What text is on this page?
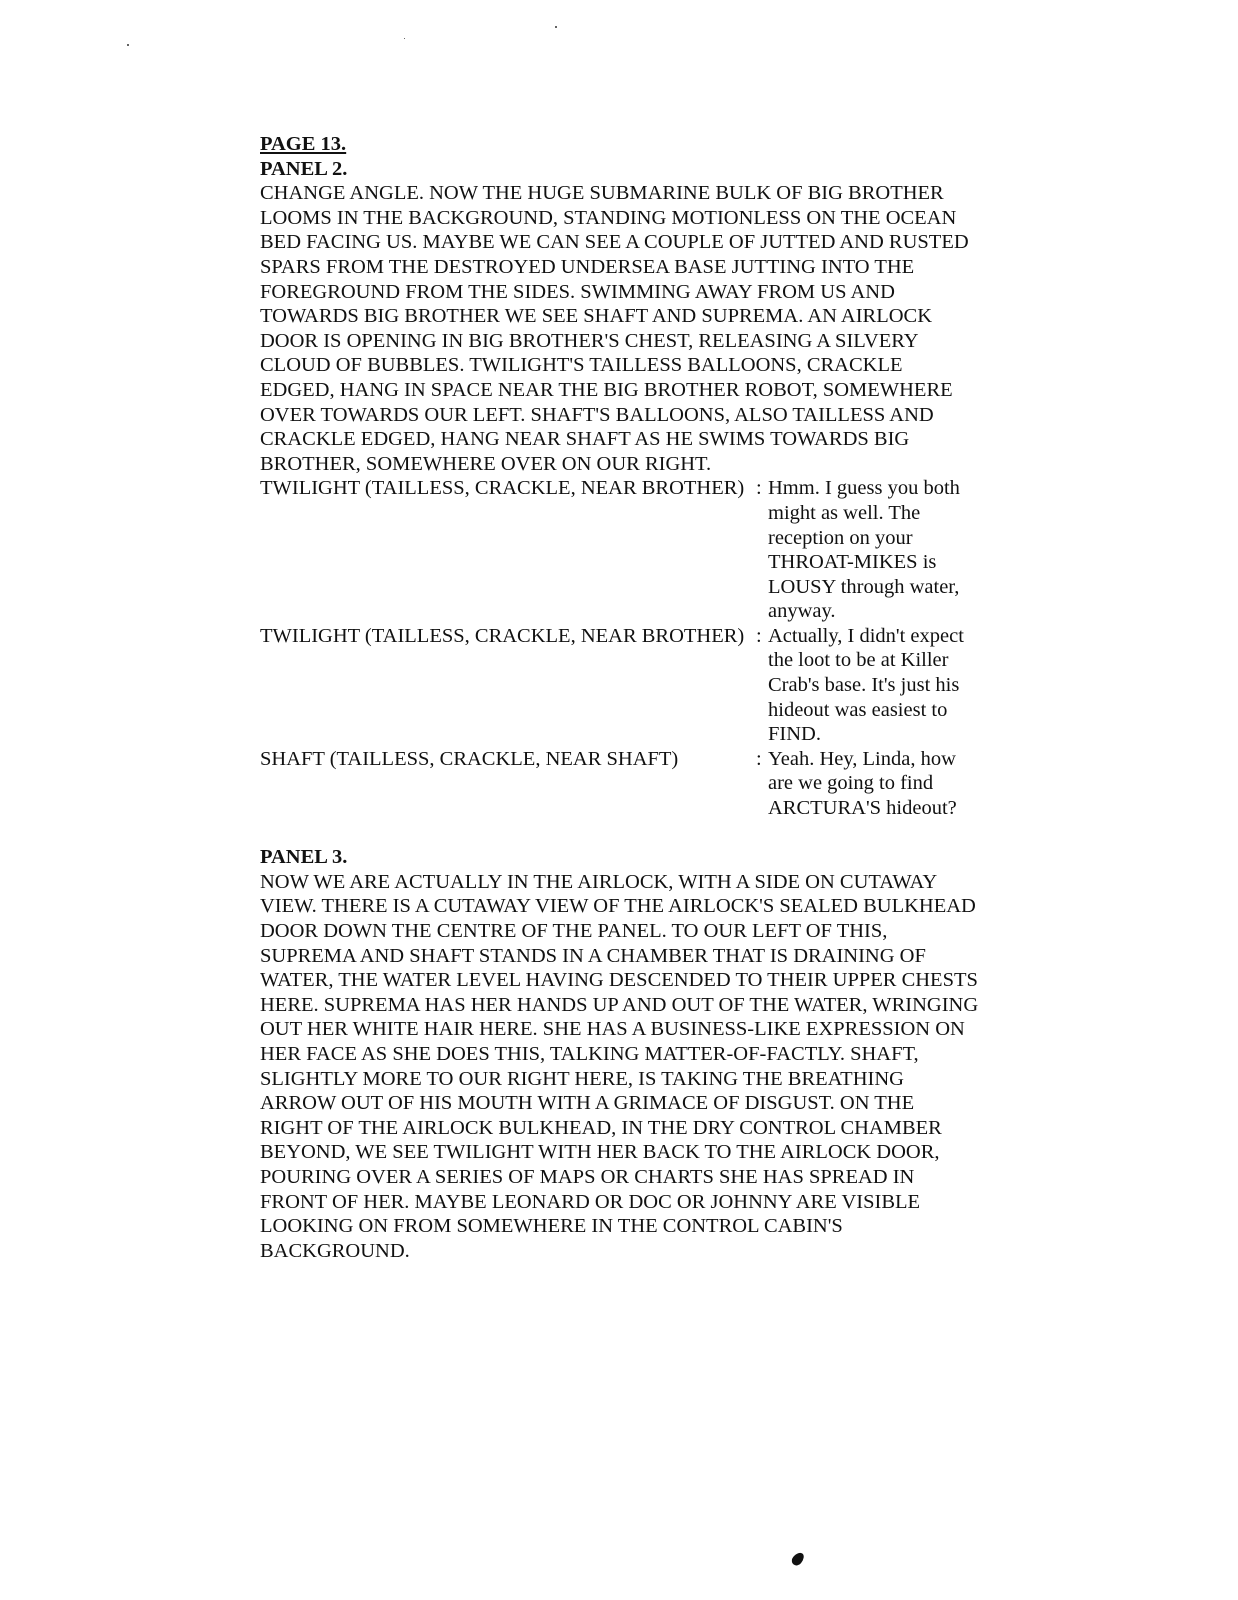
PAGE 13.

PANEL 2.

CHANGE ANGLE. NOW THE HUGE SUBMARINE BULK OF BIG BROTHER LOOMS IN THE BACKGROUND, STANDING MOTIONLESS ON THE OCEAN BED FACING US. MAYBE WE CAN SEE A COUPLE OF JUTTED AND RUSTED SPARS FROM THE DESTROYED UNDERSEA BASE JUTTING INTO THE FOREGROUND FROM THE SIDES. SWIMMING AWAY FROM US AND TOWARDS BIG BROTHER WE SEE SHAFT AND SUPREMA. AN AIRLOCK DOOR IS OPENING IN BIG BROTHER'S CHEST, RELEASING A SILVERY CLOUD OF BUBBLES. TWILIGHT'S TAILLESS BALLOONS, CRACKLE EDGED, HANG IN SPACE NEAR THE BIG BROTHER ROBOT, SOMEWHERE OVER TOWARDS OUR LEFT. SHAFT'S BALLOONS, ALSO TAILLESS AND CRACKLE EDGED, HANG NEAR SHAFT AS HE SWIMS TOWARDS BIG BROTHER, SOMEWHERE OVER ON OUR RIGHT.

TWILIGHT (TAILLESS, CRACKLE, NEAR BROTHER) : Hmm. I guess you both might as well. The reception on your THROAT-MIKES is LOUSY through water, anyway.
TWILIGHT (TAILLESS, CRACKLE, NEAR BROTHER) : Actually, I didn't expect the loot to be at Killer Crab's base. It's just his hideout was easiest to FIND.
SHAFT (TAILLESS, CRACKLE, NEAR SHAFT)	: Yeah. Hey, Linda, how are we going to find ARCTURA'S hideout?

PANEL 3.

NOW WE ARE ACTUALLY IN THE AIRLOCK, WITH A SIDE ON CUTAWAY VIEW. THERE IS A CUTAWAY VIEW OF THE AIRLOCK'S SEALED BULKHEAD DOOR DOWN THE CENTRE OF THE PANEL. TO OUR LEFT OF THIS, SUPREMA AND SHAFT STANDS IN A CHAMBER THAT IS DRAINING OF WATER, THE WATER LEVEL HAVING DESCENDED TO THEIR UPPER CHESTS HERE. SUPREMA HAS HER HANDS UP AND OUT OF THE WATER, WRINGING OUT HER WHITE HAIR HERE. SHE HAS A BUSINESS-LIKE EXPRESSION ON HER FACE AS SHE DOES THIS, TALKING MATTER-OF-FACTLY. SHAFT, SLIGHTLY MORE TO OUR RIGHT HERE, IS TAKING THE BREATHING ARROW OUT OF HIS MOUTH WITH A GRIMACE OF DISGUST. ON THE RIGHT OF THE AIRLOCK BULKHEAD, IN THE DRY CONTROL CHAMBER BEYOND, WE SEE TWILIGHT WITH HER BACK TO THE AIRLOCK DOOR, POURING OVER A SERIES OF MAPS OR CHARTS SHE HAS SPREAD IN FRONT OF HER. MAYBE LEONARD OR DOC OR JOHNNY ARE VISIBLE LOOKING ON FROM SOMEWHERE IN THE CONTROL CABIN'S BACKGROUND.
